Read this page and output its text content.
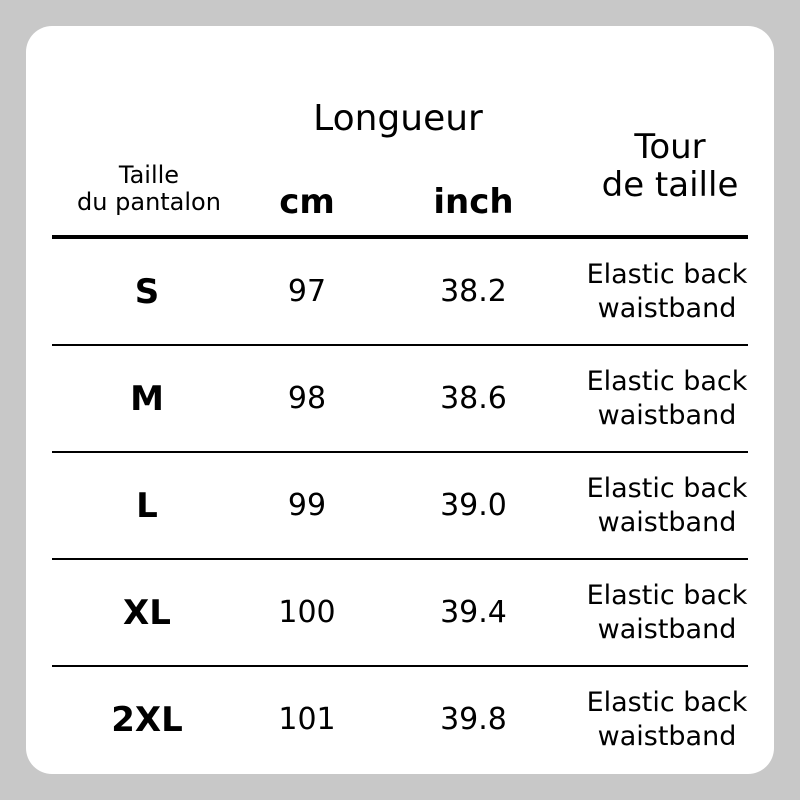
Taille
du pantalon
Longueur
cm	inch
Tour
de taille
S	97	38.2	Elastic back
waistband
M	98	38.6	Elastic back
waistband
L	99	39.0	Elastic back
waistband
XL	100	39.4	Elastic back
waistband
2XL	101	39.8	Elastic back
waistband
